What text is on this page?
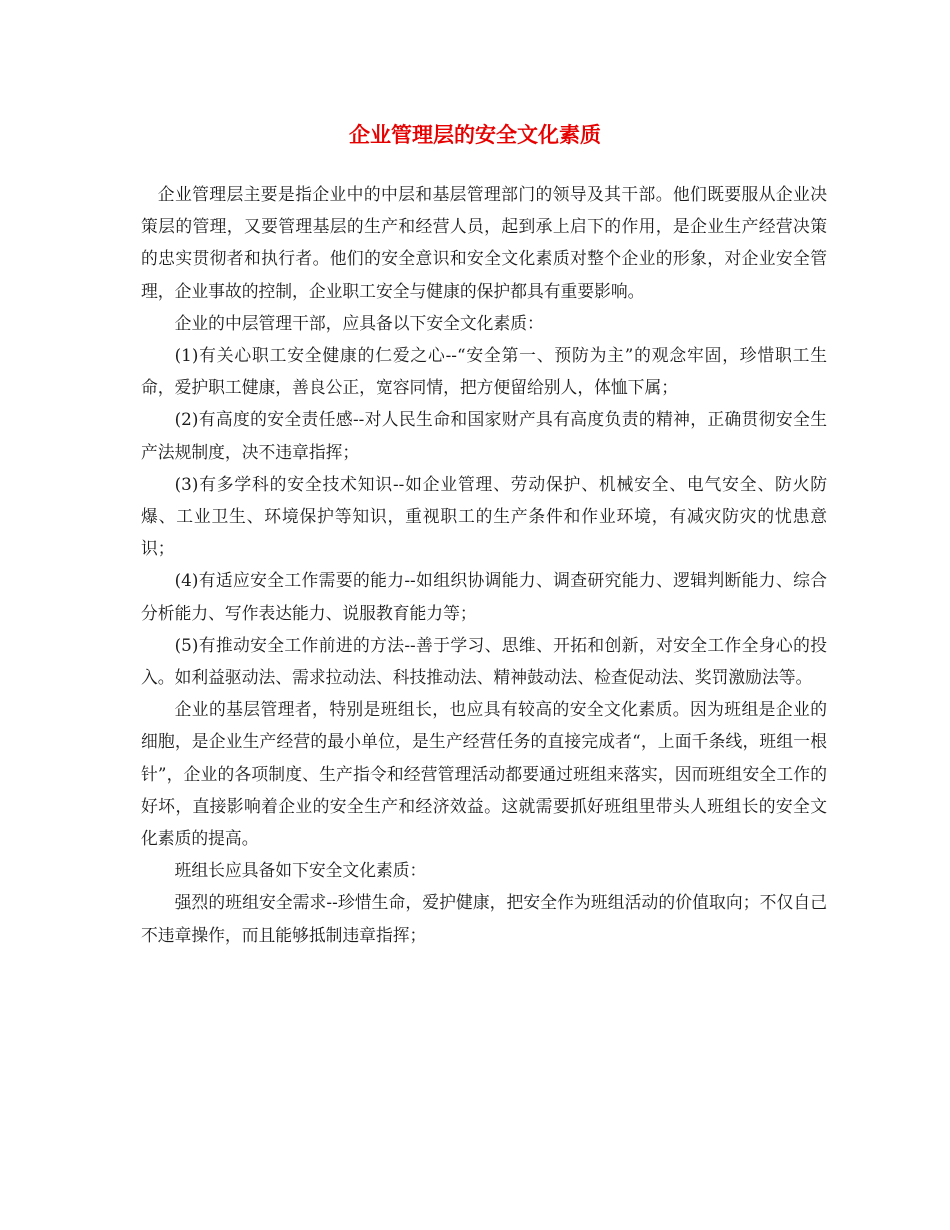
企业管理层的安全文化素质

企业管理层主要是指企业中的中层和基层管理部门的领导及其干部。他们既要服从企业决策层的管理，又要管理基层的生产和经营人员，起到承上启下的作用，是企业生产经营决策的忠实贯彻者和执行者。他们的安全意识和安全文化素质对整个企业的形象，对企业安全管理，企业事故的控制，企业职工安全与健康的保护都具有重要影响。

企业的中层管理干部，应具备以下安全文化素质：

(1)有关心职工安全健康的仁爱之心--“安全第一、预防为主”的观念牢固，珍惜职工生命，爱护职工健康，善良公正，宽容同情，把方便留给别人，体恤下属；

(2)有高度的安全责任感--对人民生命和国家财产具有高度负责的精神，正确贯彻安全生产法规制度，决不违章指挥；

(3)有多学科的安全技术知识--如企业管理、劳动保护、机械安全、电气安全、防火防爆、工业卫生、环境保护等知识，重视职工的生产条件和作业环境，有减灾防灾的忧患意识；

(4)有适应安全工作需要的能力--如组织协调能力、调查研究能力、逻辑判断能力、综合分析能力、写作表达能力、说服教育能力等；

(5)有推动安全工作前进的方法--善于学习、思维、开拓和创新，对安全工作全身心的投入。如利益驱动法、需求拉动法、科技推动法、精神鼓动法、检查促动法、奖罚激励法等。

企业的基层管理者，特别是班组长，也应具有较高的安全文化素质。因为班组是企业的细胞，是企业生产经营的最小单位，是生产经营任务的直接完成者“，上面千条线，班组一根针”，企业的各项制度、生产指令和经营管理活动都要通过班组来落实，因而班组安全工作的好坏，直接影响着企业的安全生产和经济效益。这就需要抓好班组里带头人班组长的安全文化素质的提高。

班组长应具备如下安全文化素质：

强烈的班组安全需求--珍惜生命，爱护健康，把安全作为班组活动的价值取向；不仅自己不违章操作，而且能够抵制违章指挥；
